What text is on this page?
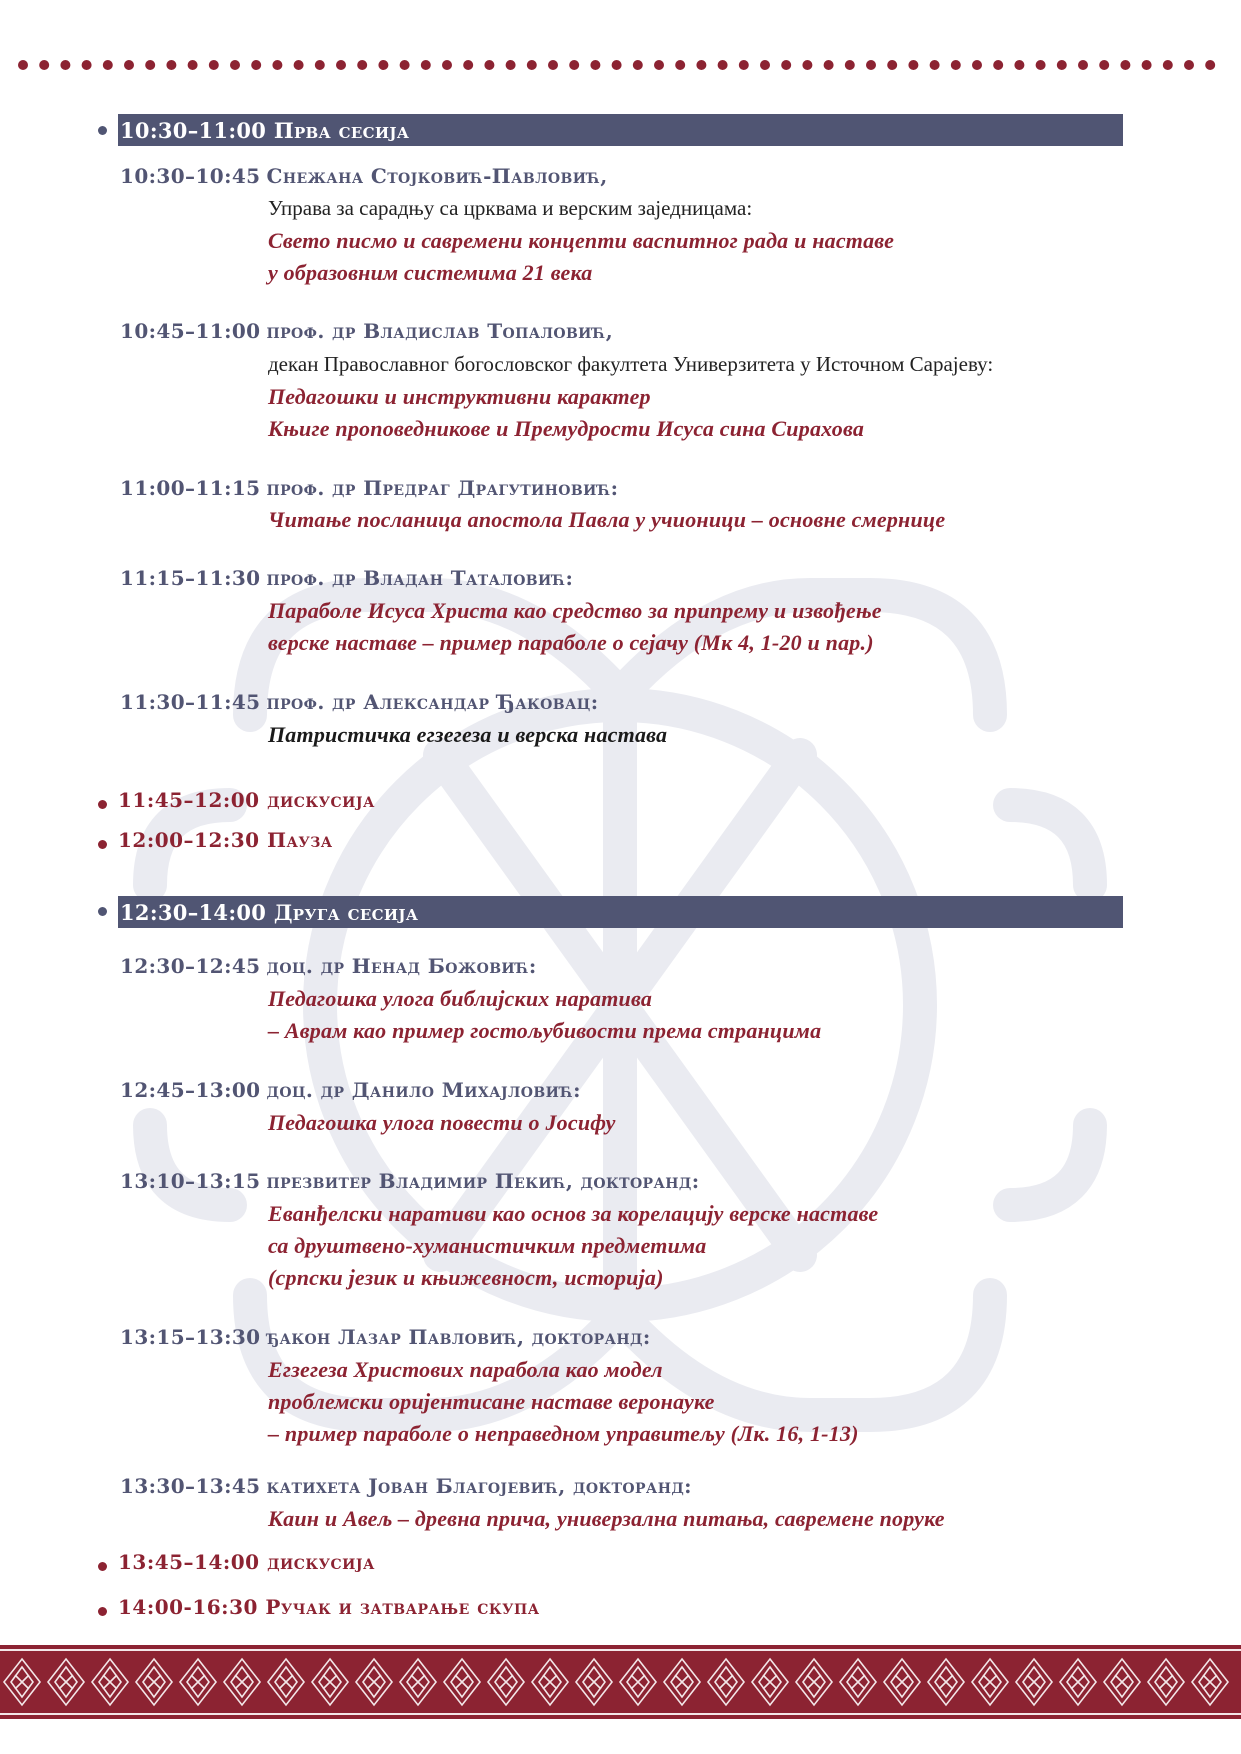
10:30–11:00 Прва сесија
10:30–10:45 Снежана Стојковић-Павловић,
Управа за сарадњу са црквама и верским заједницама:
Свето писмо и савремени концепти васпитног рада и наставе
у образовним системима 21 века
10:45–11:00 проф. др Владислав Топаловић,
декан Православног богословског факултета Универзитета у Источном Сарајеву:
Педагошки и инструктивни карактер
Књиге проповедникове и Премудрости Исуса сина Сирахова
11:00–11:15 проф. др Предраг Драгутиновић:
Читање посланица апостола Павла у учионици – основне смернице
11:15–11:30 проф. др Владан Таталовић:
Параболе Исуса Христа као средство за припрему и извођење
верске наставе – пример параболе о сејачу (Мк 4, 1-20 и пар.)
11:30–11:45 проф. др Александар Ђаковац:
Патристичка егзегеза и верска настава
11:45–12:00 дискусија
12:00–12:30 Пауза
12:30–14:00 Друга сесија
12:30–12:45 доц. др Ненад Божовић:
Педагошка улога библијских наратива
– Аврам као пример гостољубивости према странцима
12:45–13:00 доц. др Данило Михајловић:
Педагошка улога повести о Јосифу
13:10–13:15 презвитер Владимир Пекић, докторанд:
Еванђелски наративи као основ за корелацију верске наставе
са друштвено-хуманистичким предметима
(српски језик и књижевност, историја)
13:15–13:30 ђакон Лазар Павловић, докторанд:
Егзегеза Христових парабола као модел
проблемски оријентисане наставе веронауке
– пример параболе о неправедном управитељу (Лк. 16, 1-13)
13:30–13:45 катихета Јован Благојевић, докторанд:
Каин и Авељ – древна прича, универзална питања, савремене поруке
13:45–14:00 дискусија
14:00-16:30 Ручак и затварање скупа
